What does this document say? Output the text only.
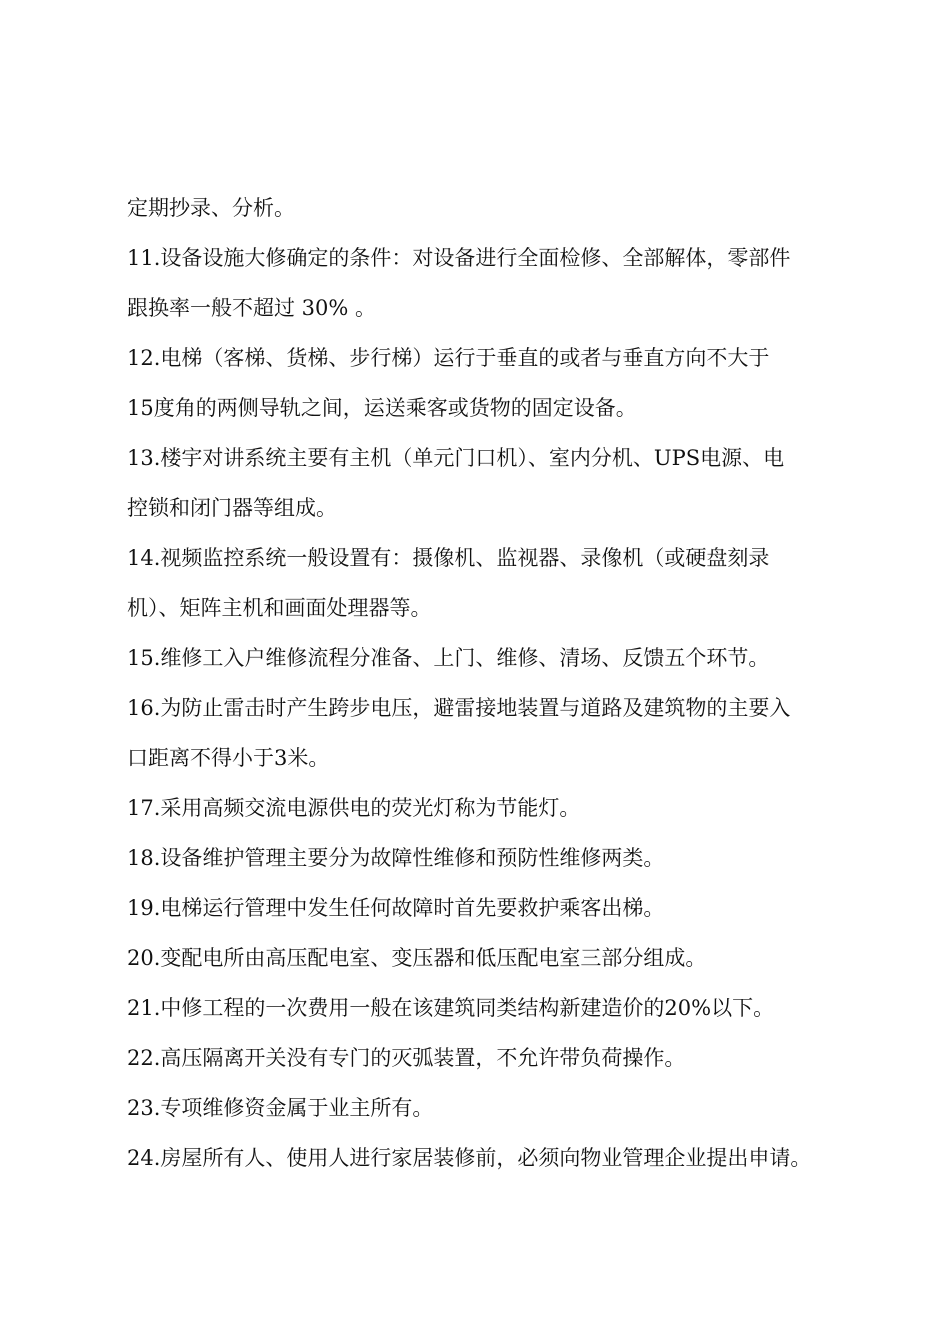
定期抄录、分析。

11.设备设施大修确定的条件：对设备进行全面检修、全部解体，零部件

跟换率一般不超过 30% 。

12.电梯（客梯、货梯、步行梯）运行于垂直的或者与垂直方向不大于

15度角的两侧导轨之间，运送乘客或货物的固定设备。

13.楼宇对讲系统主要有主机（单元门口机）、室内分机、UPS电源、电

控锁和闭门器等组成。

14.视频监控系统一般设置有：摄像机、监视器、录像机（或硬盘刻录

机）、矩阵主机和画面处理器等。

15.维修工入户维修流程分准备、上门、维修、清场、反馈五个环节。

16.为防止雷击时产生跨步电压，避雷接地装置与道路及建筑物的主要入

口距离不得小于3米。

17.采用高频交流电源供电的荧光灯称为节能灯。

18.设备维护管理主要分为故障性维修和预防性维修两类。

19.电梯运行管理中发生任何故障时首先要救护乘客出梯。

20.变配电所由高压配电室、变压器和低压配电室三部分组成。

21.中修工程的一次费用一般在该建筑同类结构新建造价的20%以下。

22.高压隔离开关没有专门的灭弧装置，不允许带负荷操作。

23.专项维修资金属于业主所有。

24.房屋所有人、使用人进行家居装修前，必须向物业管理企业提出申请。
